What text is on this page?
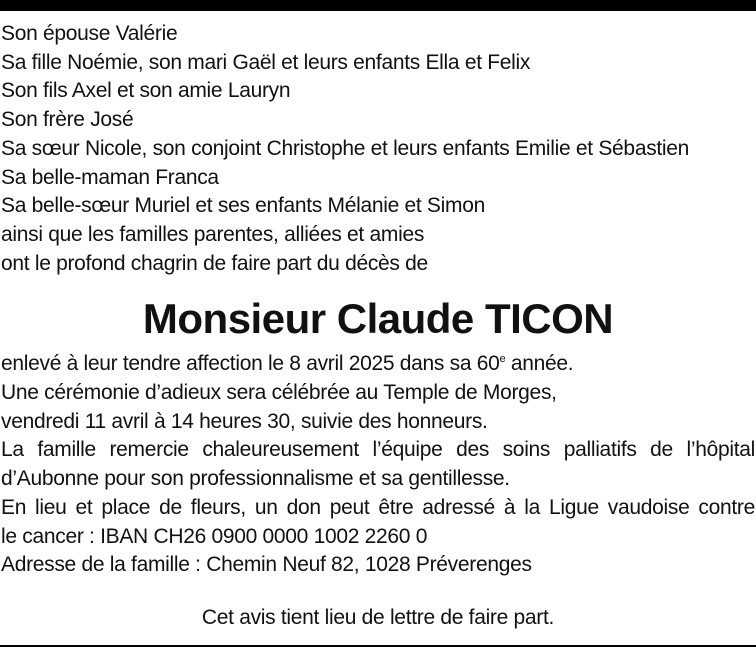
Son épouse Valérie
Sa fille Noémie, son mari Gaël et leurs enfants Ella et Felix
Son fils Axel et son amie Lauryn
Son frère José
Sa sœur Nicole, son conjoint Christophe et leurs enfants Emilie et Sébastien
Sa belle-maman Franca
Sa belle-sœur Muriel et ses enfants Mélanie et Simon
ainsi que les familles parentes, alliées et amies
ont le profond chagrin de faire part du décès de
Monsieur Claude TICON
enlevé à leur tendre affection le 8 avril 2025 dans sa 60e année.
Une cérémonie d’adieux sera célébrée au Temple de Morges,
vendredi 11 avril à 14 heures 30, suivie des honneurs.
La famille remercie chaleureusement l’équipe des soins palliatifs de l’hôpital
d’Aubonne pour son professionnalisme et sa gentillesse.
En lieu et place de fleurs, un don peut être adressé à la Ligue vaudoise contre
le cancer : IBAN CH26 0900 0000 1002 2260 0
Adresse de la famille : Chemin Neuf 82, 1028 Préverenges
Cet avis tient lieu de lettre de faire part.
